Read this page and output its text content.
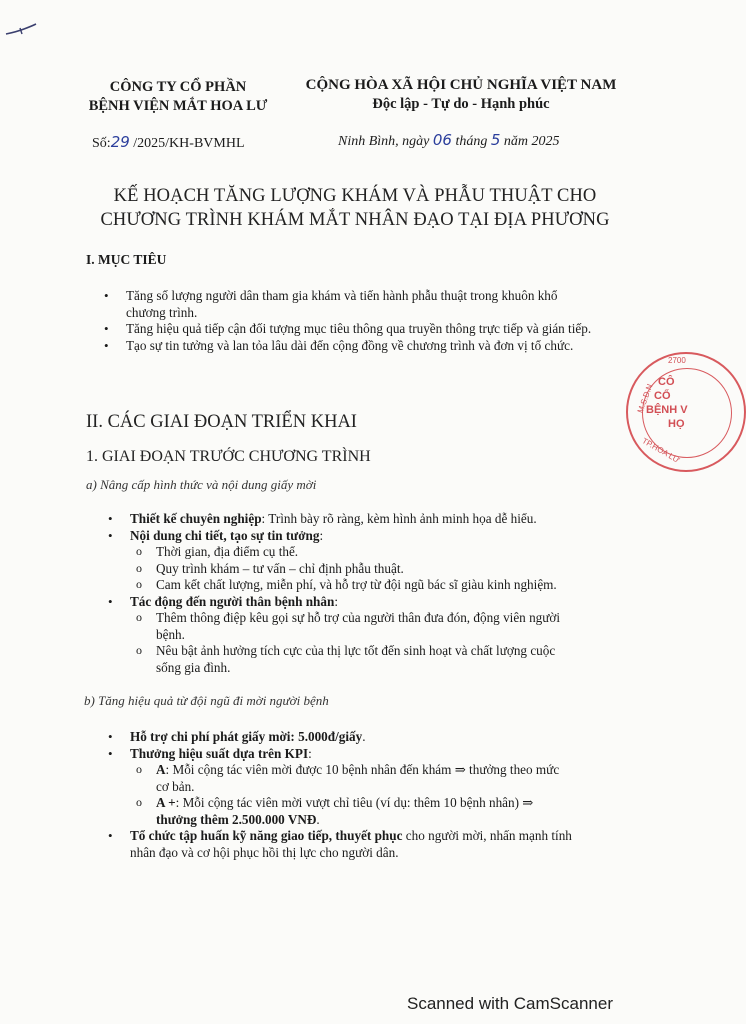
CÔNG TY CỔ PHẦN
BỆNH VIỆN MẮT HOA LƯ
Số:29 /2025/KH-BVMHL
CỘNG HÒA XÃ HỘI CHỦ NGHĨA VIỆT NAM
Độc lập - Tự do - Hạnh phúc
Ninh Bình, ngày 06 tháng 5 năm 2025
KẾ HOẠCH TĂNG LƯỢNG KHÁM VÀ PHẪU THUẬT CHO
CHƯƠNG TRÌNH KHÁM MẮT NHÂN ĐẠO TẠI ĐỊA PHƯƠNG
I. MỤC TIÊU
• Tăng số lượng người dân tham gia khám và tiến hành phẫu thuật trong khuôn khổ chương trình.
• Tăng hiệu quả tiếp cận đối tượng mục tiêu thông qua truyền thông trực tiếp và gián tiếp.
• Tạo sự tin tưởng và lan tỏa lâu dài đến cộng đồng về chương trình và đơn vị tổ chức.
II. CÁC GIAI ĐOẠN TRIỂN KHAI
1. GIAI ĐOẠN TRƯỚC CHƯƠNG TRÌNH
a) Nâng cấp hình thức và nội dung giấy mời
• Thiết kế chuyên nghiệp: Trình bày rõ ràng, kèm hình ảnh minh họa dễ hiểu.
• Nội dung chi tiết, tạo sự tin tưởng:
o Thời gian, địa điểm cụ thể.
o Quy trình khám – tư vấn – chỉ định phẫu thuật.
o Cam kết chất lượng, miễn phí, và hỗ trợ từ đội ngũ bác sĩ giàu kinh nghiệm.
• Tác động đến người thân bệnh nhân:
o Thêm thông điệp kêu gọi sự hỗ trợ của người thân đưa đón, động viên người bệnh.
o Nêu bật ảnh hưởng tích cực của thị lực tốt đến sinh hoạt và chất lượng cuộc sống gia đình.
b) Tăng hiệu quả từ đội ngũ đi mời người bệnh
• Hỗ trợ chi phí phát giấy mời: 5.000đ/giấy.
• Thưởng hiệu suất dựa trên KPI:
o A: Mỗi cộng tác viên mời được 10 bệnh nhân đến khám ⇒ thưởng theo mức cơ bản.
o A +: Mỗi cộng tác viên mời vượt chỉ tiêu (ví dụ: thêm 10 bệnh nhân) ⇒ thưởng thêm 2.500.000 VNĐ.
• Tổ chức tập huấn kỹ năng giao tiếp, thuyết phục cho người mời, nhấn mạnh tính nhân đạo và cơ hội phục hồi thị lực cho người dân.
2700
M.S.D.N
CÔ
CỔ
BỆNH V
HỌ
TP.HOA LƯ
Scanned with CamScanner
